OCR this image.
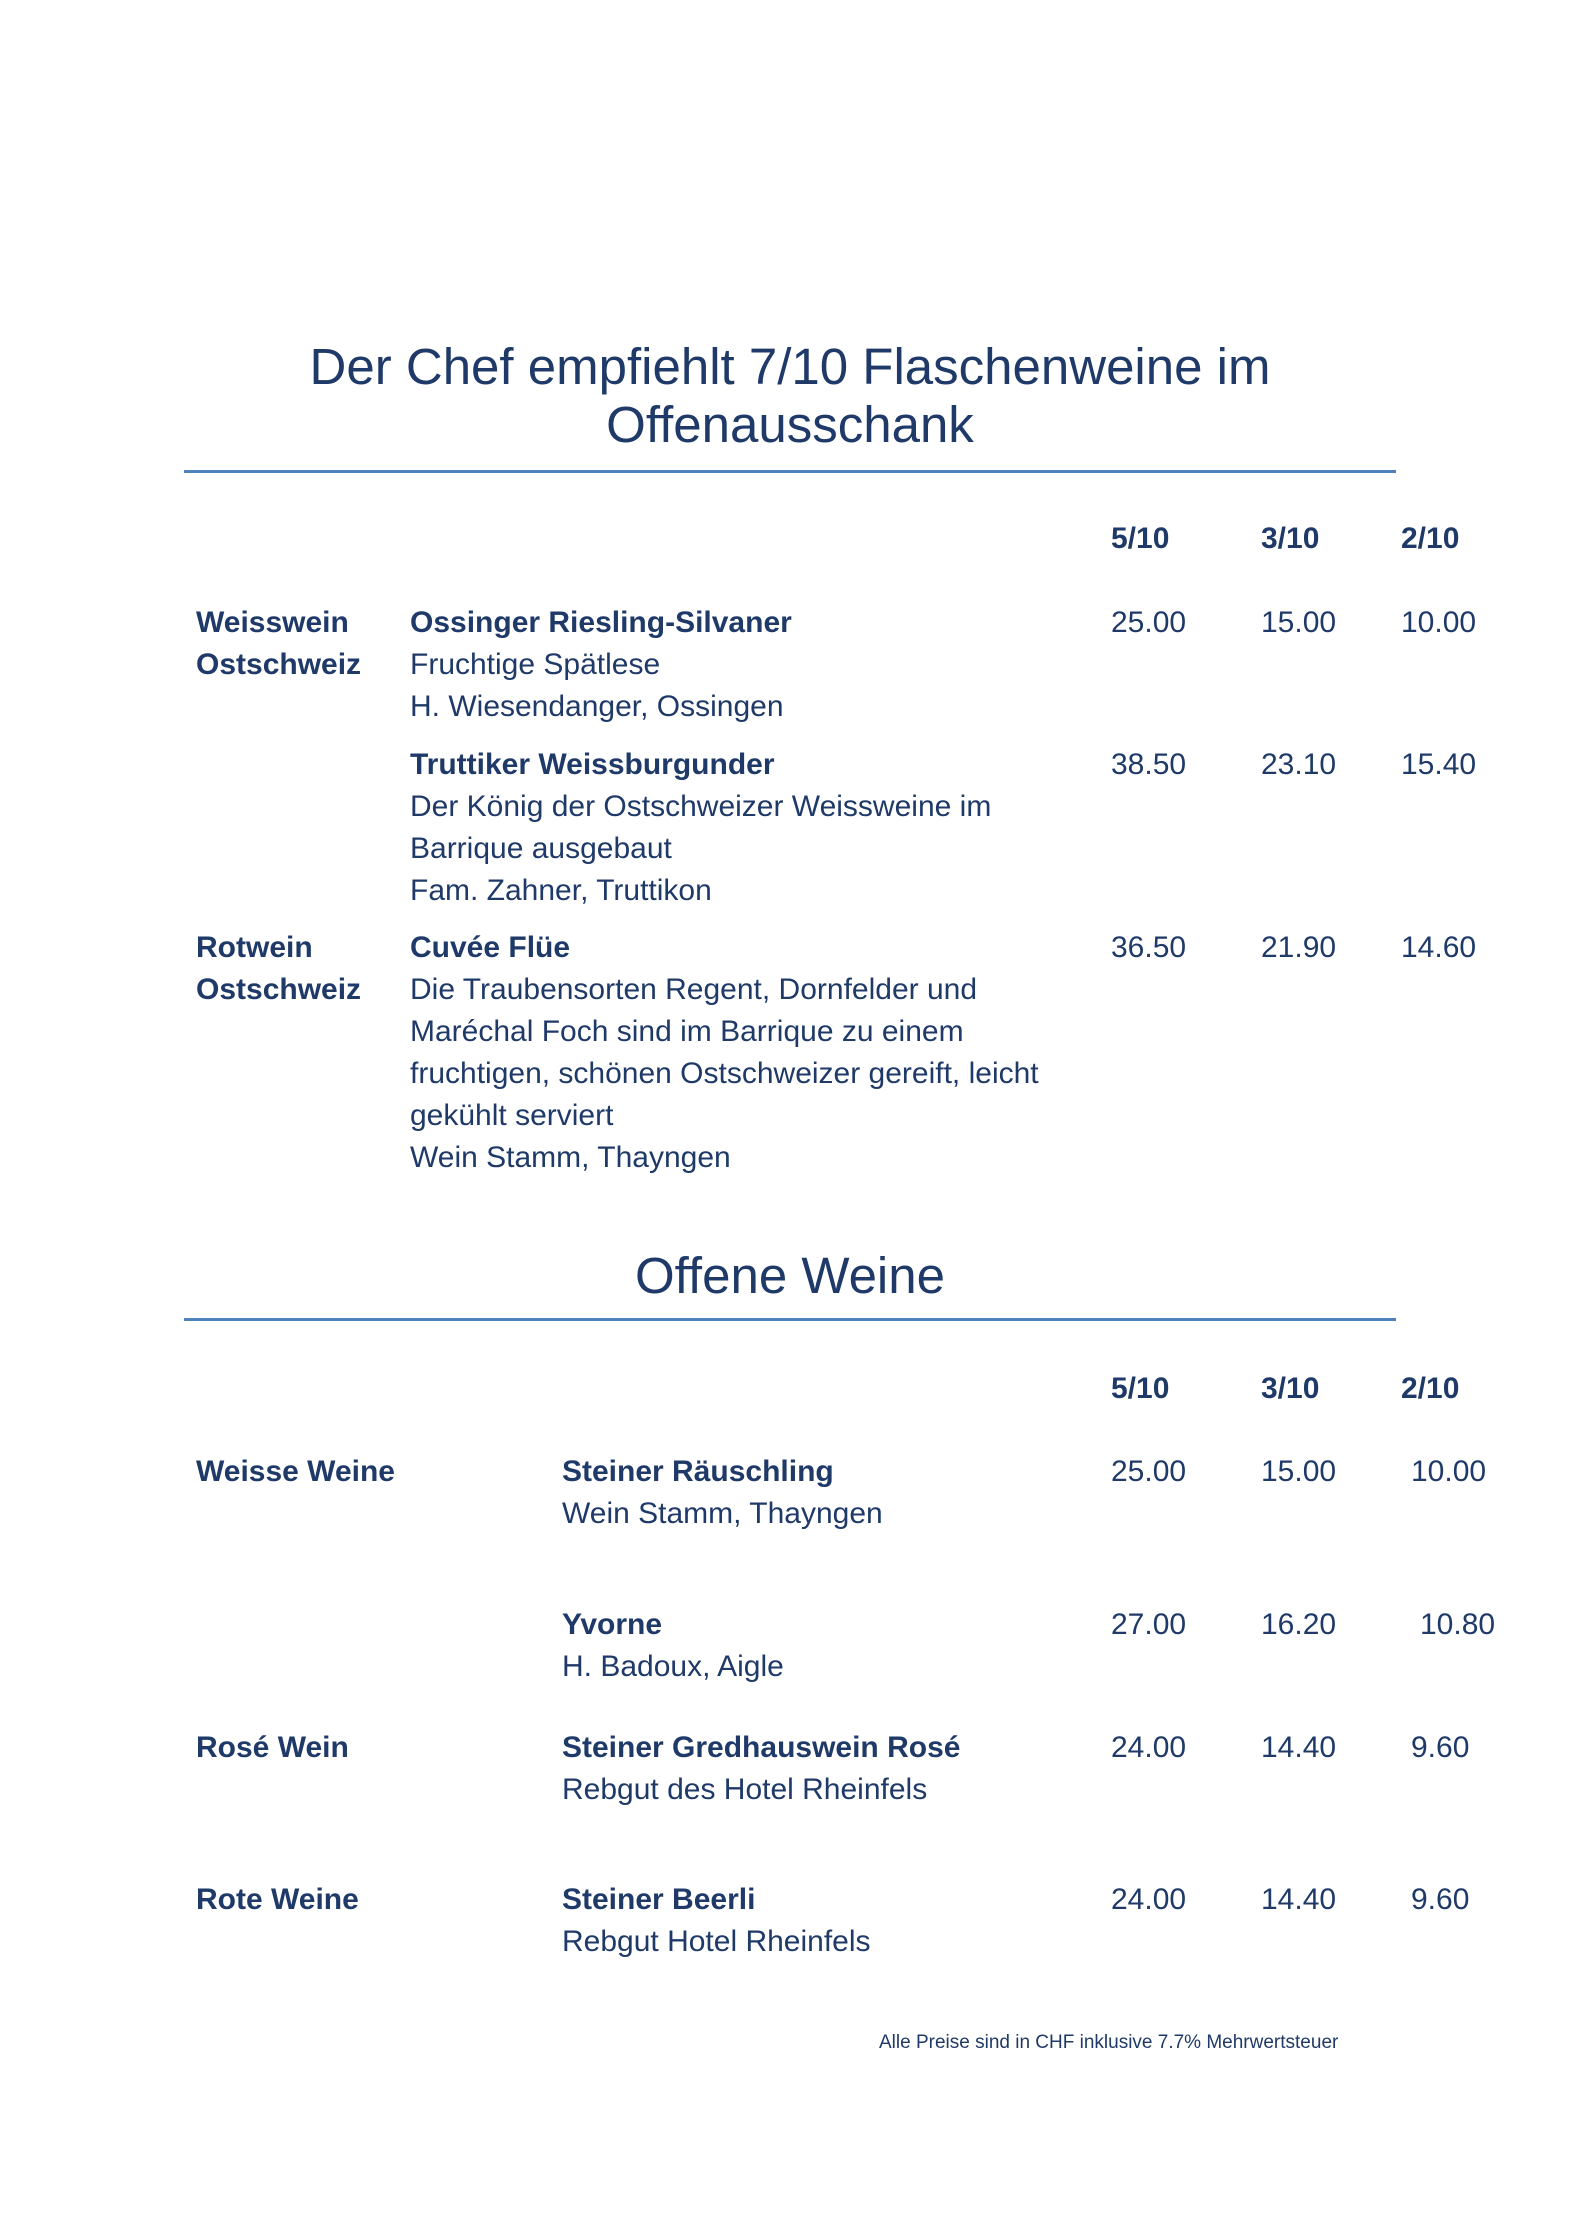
Der Chef empfiehlt 7/10 Flaschenweine im
Offenausschank
5/10	3/10	2/10
Weisswein
Ostschweiz
Ossinger Riesling-Silvaner
Fruchtige Spätlese
H. Wiesendanger, Ossingen
25.00 15.00 10.00
Truttiker Weissburgunder
Der König der Ostschweizer Weissweine im
Barrique ausgebaut
Fam. Zahner, Truttikon
38.50 23.10 15.40
Rotwein
Ostschweiz
Cuvée Flüe
Die Traubensorten Regent, Dornfelder und
Maréchal Foch sind im Barrique zu einem
fruchtigen, schönen Ostschweizer gereift, leicht
gekühlt serviert
Wein Stamm, Thayngen
36.50 21.90 14.60
Offene Weine
5/10	3/10	2/10
Weisse Weine	Steiner Räuschling
Wein Stamm, Thayngen
25.00 15.00 10.00
Yvorne
H. Badoux, Aigle
27.00 16.20	10.80
Rosé Wein	Steiner Gredhauswein Rosé
Rebgut des Hotel Rheinfels
24.00 14.40 9.60
Rote Weine	Steiner Beerli
Rebgut Hotel Rheinfels
24.00 14.40 9.60
Alle Preise sind in CHF inklusive 7.7% Mehrwertsteuer
